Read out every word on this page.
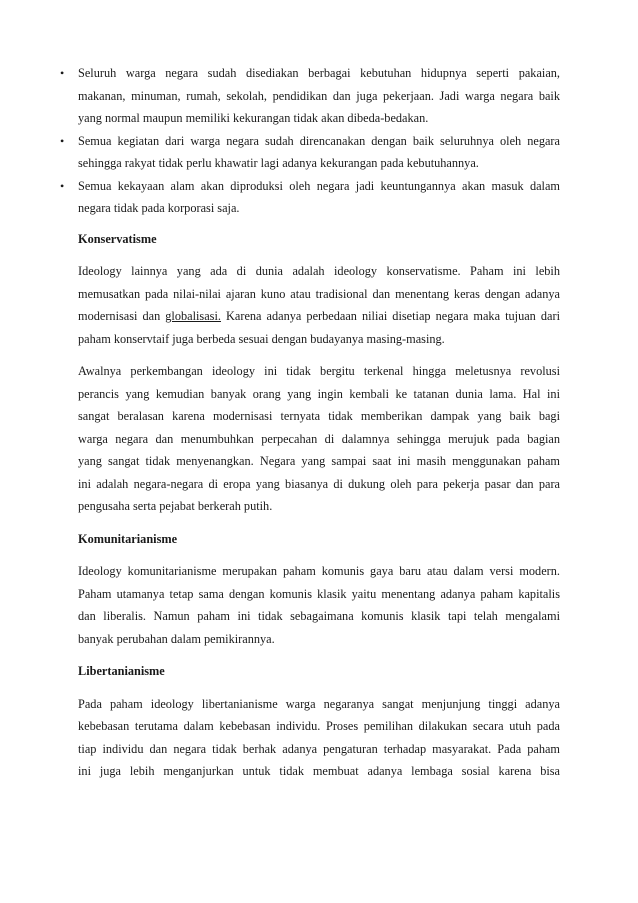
• Seluruh warga negara sudah disediakan berbagai kebutuhan hidupnya seperti pakaian,
makanan, minuman, rumah, sekolah, pendidikan dan juga pekerjaan. Jadi warga negara baik
yang normal maupun memiliki kekurangan tidak akan dibeda-bedakan.
• Semua kegiatan dari warga negara sudah direncanakan dengan baik seluruhnya oleh negara
sehingga rakyat tidak perlu khawatir lagi adanya kekurangan pada kebutuhannya.
• Semua kekayaan alam akan diproduksi oleh negara jadi keuntungannya akan masuk dalam
negara tidak pada korporasi saja.
Konservatisme
Ideology lainnya yang ada di dunia adalah ideology konservatisme. Paham ini lebih
memusatkan pada nilai-nilai ajaran kuno atau tradisional dan menentang keras dengan adanya
modernisasi dan globalisasi. Karena adanya perbedaan niliai disetiap negara maka tujuan dari
paham konservtaif juga berbeda sesuai dengan budayanya masing-masing.
Awalnya perkembangan ideology ini tidak bergitu terkenal hingga meletusnya revolusi
perancis yang kemudian banyak orang yang ingin kembali ke tatanan dunia lama. Hal ini
sangat beralasan karena modernisasi ternyata tidak memberikan dampak yang baik bagi
warga negara dan menumbuhkan perpecahan di dalamnya sehingga merujuk pada bagian
yang sangat tidak menyenangkan. Negara yang sampai saat ini masih menggunakan paham
ini adalah negara-negara di eropa yang biasanya di dukung oleh para pekerja pasar dan para
pengusaha serta pejabat berkerah putih.
Komunitarianisme
Ideology komunitarianisme merupakan paham komunis gaya baru atau dalam versi modern.
Paham utamanya tetap sama dengan komunis klasik yaitu menentang adanya paham kapitalis
dan liberalis. Namun paham ini tidak sebagaimana komunis klasik tapi telah mengalami
banyak perubahan dalam pemikirannya.
Libertanianisme
Pada paham ideology libertanianisme warga negaranya sangat menjunjung tinggi adanya
kebebasan terutama dalam kebebasan individu. Proses pemilihan dilakukan secara utuh pada
tiap individu dan negara tidak berhak adanya pengaturan terhadap masyarakat. Pada paham
ini juga lebih menganjurkan untuk tidak membuat adanya lembaga sosial karena bisa
